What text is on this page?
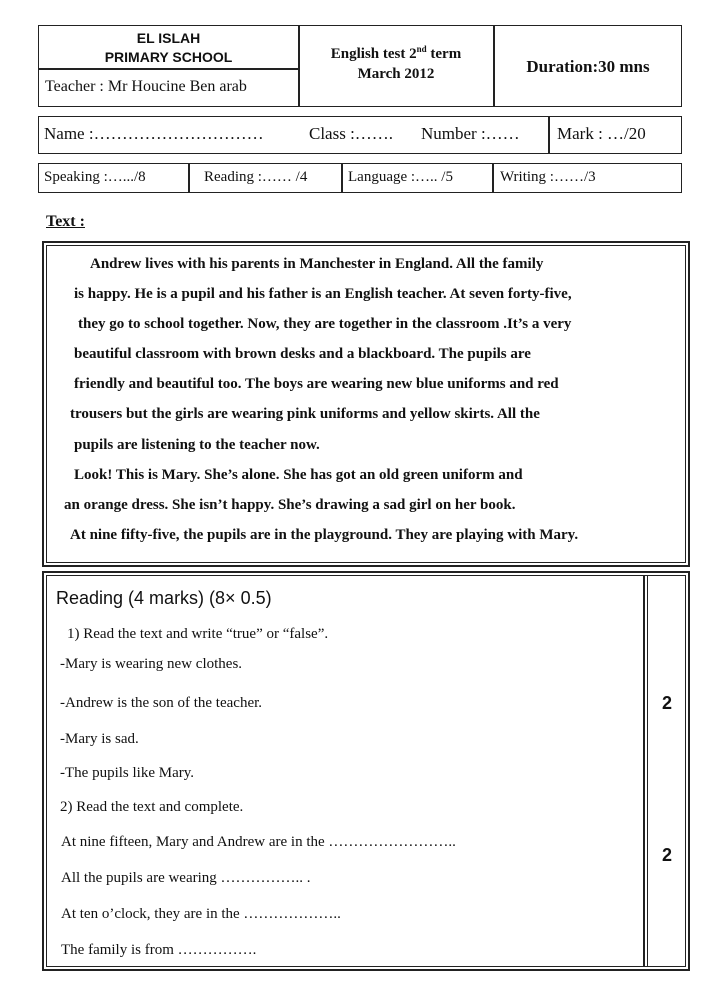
EL ISLAH
PRIMARY SCHOOL
Teacher : Mr Houcine Ben arab
English test 2nd term
March 2012	Duration:30 mns
Name :…………………………	Class :……. Number :…… Mark : …/20
Speaking :….../8	Reading :…… /4	Language :….. /5	Writing :……/3
Text :
Andrew lives with his parents in Manchester in England. All the family
is happy. He is a pupil and his father is an English teacher. At seven forty-five,
they go to school together. Now, they are together in the classroom .It’s a very
beautiful classroom with brown desks and a blackboard. The pupils are
friendly and beautiful too. The boys are wearing new blue uniforms and red
trousers but the girls are wearing pink uniforms and yellow skirts. All the
pupils are listening to the teacher now.
Look! This is Mary. She’s alone. She has got an old green uniform and
an orange dress. She isn’t happy. She’s drawing a sad girl on her book.
At nine fifty-five, the pupils are in the playground. They are playing with Mary.
Reading (4 marks) (8× 0.5)
1) Read the text and write “true” or “false”.
-Mary is wearing new clothes.
-Andrew is the son of the teacher.
-Mary is sad.
-The pupils like Mary.
2) Read the text and complete.
At nine fifteen, Mary and Andrew are in the ……………………..
All the pupils are wearing …………….. .
At ten o’clock, they are in the ………………..
The family is from …………….
2
2
